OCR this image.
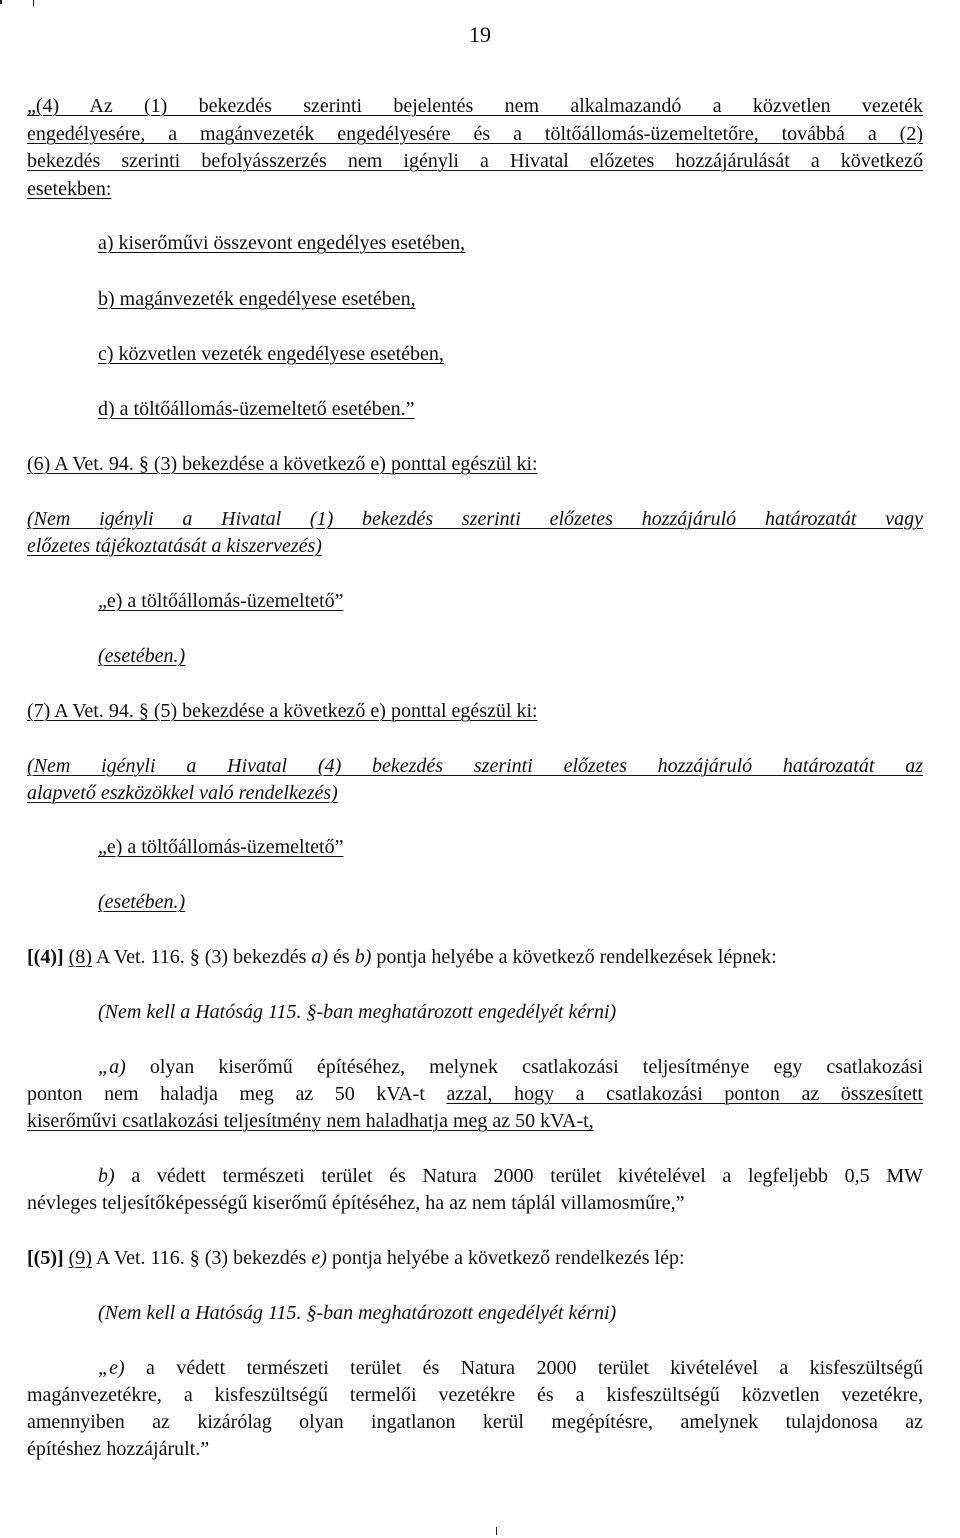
19
„(4) Az (1) bekezdés szerinti bejelentés nem alkalmazandó a közvetlen vezeték
engedélyesére, a magánvezeték engedélyesére és a töltőállomás-üzemeltetőre, továbbá a (2)
bekezdés szerinti befolyásszerzés nem igényli a Hivatal előzetes hozzájárulását a következő
esetekben:
a) kiserőművi összevont engedélyes esetében,
b) magánvezeték engedélyese esetében,
c) közvetlen vezeték engedélyese esetében,
d) a töltőállomás-üzemeltető esetében.”
(6) A Vet. 94. § (3) bekezdése a következő e) ponttal egészül ki:
(Nem igényli a Hivatal (1) bekezdés szerinti előzetes hozzájáruló határozatát vagy
előzetes tájékoztatását a kiszervezés)
„e) a töltőállomás-üzemeltető”
(esetében.)
(7) A Vet. 94. § (5) bekezdése a következő e) ponttal egészül ki:
(Nem igényli a Hivatal (4) bekezdés szerinti előzetes hozzájáruló határozatát az
alapvető eszközökkel való rendelkezés)
„e) a töltőállomás-üzemeltető”
(esetében.)
[(4)] (8) A Vet. 116. § (3) bekezdés a) és b) pontja helyébe a következő rendelkezések lépnek:
(Nem kell a Hatóság 115. §-ban meghatározott engedélyét kérni)
„a) olyan kiserőmű építéséhez, melynek csatlakozási teljesítménye egy csatlakozási
ponton nem haladja meg az 50 kVA-t azzal, hogy a csatlakozási ponton az összesített
kiserőművi csatlakozási teljesítmény nem haladhatja meg az 50 kVA-t,
b) a védett természeti terület és Natura 2000 terület kivételével a legfeljebb 0,5 MW
névleges teljesítőképességű kiserőmű építéséhez, ha az nem táplál villamosműre,”
[(5)] (9) A Vet. 116. § (3) bekezdés e) pontja helyébe a következő rendelkezés lép:
(Nem kell a Hatóság 115. §-ban meghatározott engedélyét kérni)
„e) a védett természeti terület és Natura 2000 terület kivételével a kisfeszültségű
magánvezetékre, a kisfeszültségű termelői vezetékre és a kisfeszültségű közvetlen vezetékre,
amennyiben az kizárólag olyan ingatlanon kerül megépítésre, amelynek tulajdonosa az
építéshez hozzájárult.”
